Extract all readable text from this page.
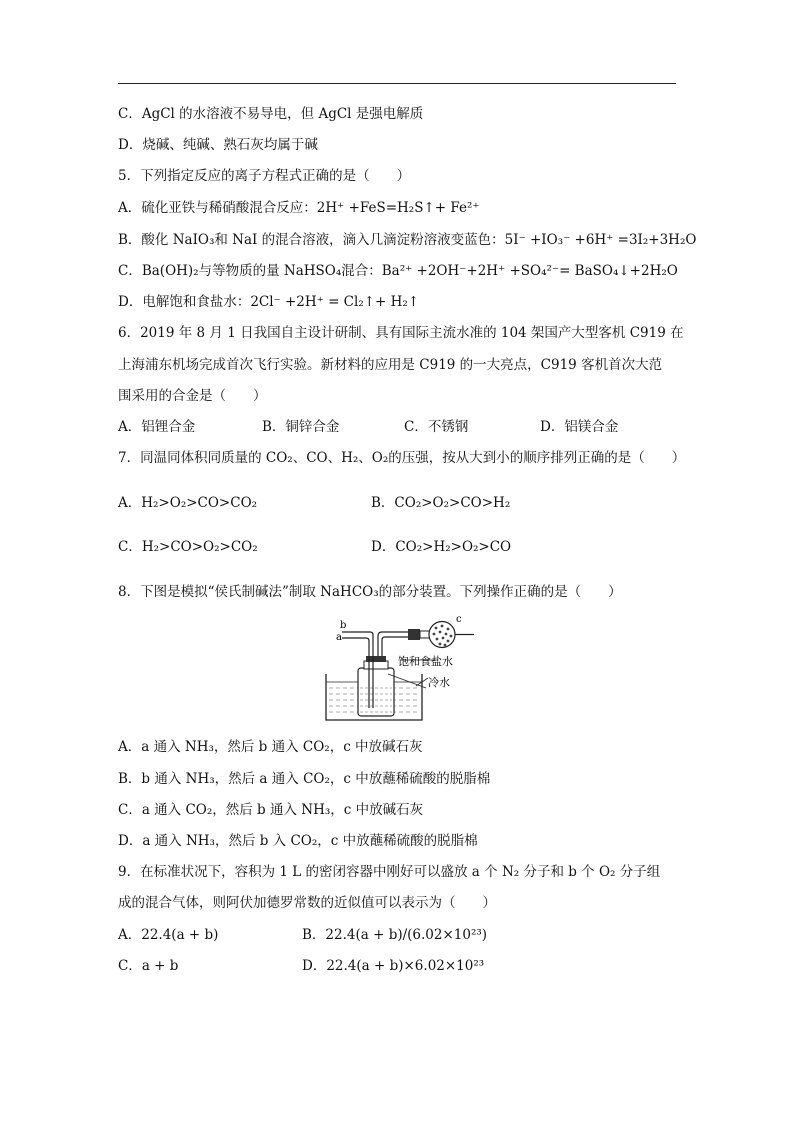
C．AgCl 的水溶液不易导电，但 AgCl 是强电解质
D．烧碱、纯碱、熟石灰均属于碱
5．下列指定反应的离子方程式正确的是（　　）
A．硫化亚铁与稀硝酸混合反应：2H⁺ +FeS=H₂S↑+ Fe²⁺
B．酸化 NaIO₃和 NaI 的混合溶液，滴入几滴淀粉溶液变蓝色：5I⁻ +IO₃⁻ +6H⁺ =3I₂+3H₂O
C．Ba(OH)₂与等物质的量 NaHSO₄混合：Ba²⁺ +2OH⁻+2H⁺ +SO₄²⁻= BaSO₄↓+2H₂O
D．电解饱和食盐水：2Cl⁻ +2H⁺ = Cl₂↑+ H₂↑
6．2019 年 8 月 1 日我国自主设计研制、具有国际主流水准的 104 架国产大型客机 C919 在
上海浦东机场完成首次飞行实验。新材料的应用是 C919 的一大亮点，C919 客机首次大范
围采用的合金是（　　）
A．铝锂合金	B．铜锌合金	C．不锈钢	D．铝镁合金
7．同温同体积同质量的 CO₂、CO、H₂、O₂的压强，按从大到小的顺序排列正确的是（　　）
A．H₂>O₂>CO>CO₂	B．CO₂>O₂>CO>H₂
C．H₂>CO>O₂>CO₂	D．CO₂>H₂>O₂>CO
8．下图是模拟“侯氏制碱法”制取 NaHCO₃的部分装置。下列操作正确的是（　　）
b
a
c
饱和食盐水
冷水
A．a 通入 NH₃，然后 b 通入 CO₂，c 中放碱石灰
B．b 通入 NH₃，然后 a 通入 CO₂，c 中放蘸稀硫酸的脱脂棉
C．a 通入 CO₂，然后 b 通入 NH₃，c 中放碱石灰
D．a 通入 NH₃，然后 b 入 CO₂，c 中放蘸稀硫酸的脱脂棉
9．在标准状况下，容积为 1 L 的密闭容器中刚好可以盛放 a 个 N₂ 分子和 b 个 O₂ 分子组
成的混合气体，则阿伏加德罗常数的近似值可以表示为（　　）
A．22.4(a + b)	B．22.4(a + b)/(6.02×10²³)
C．a + b	D．22.4(a + b)×6.02×10²³
